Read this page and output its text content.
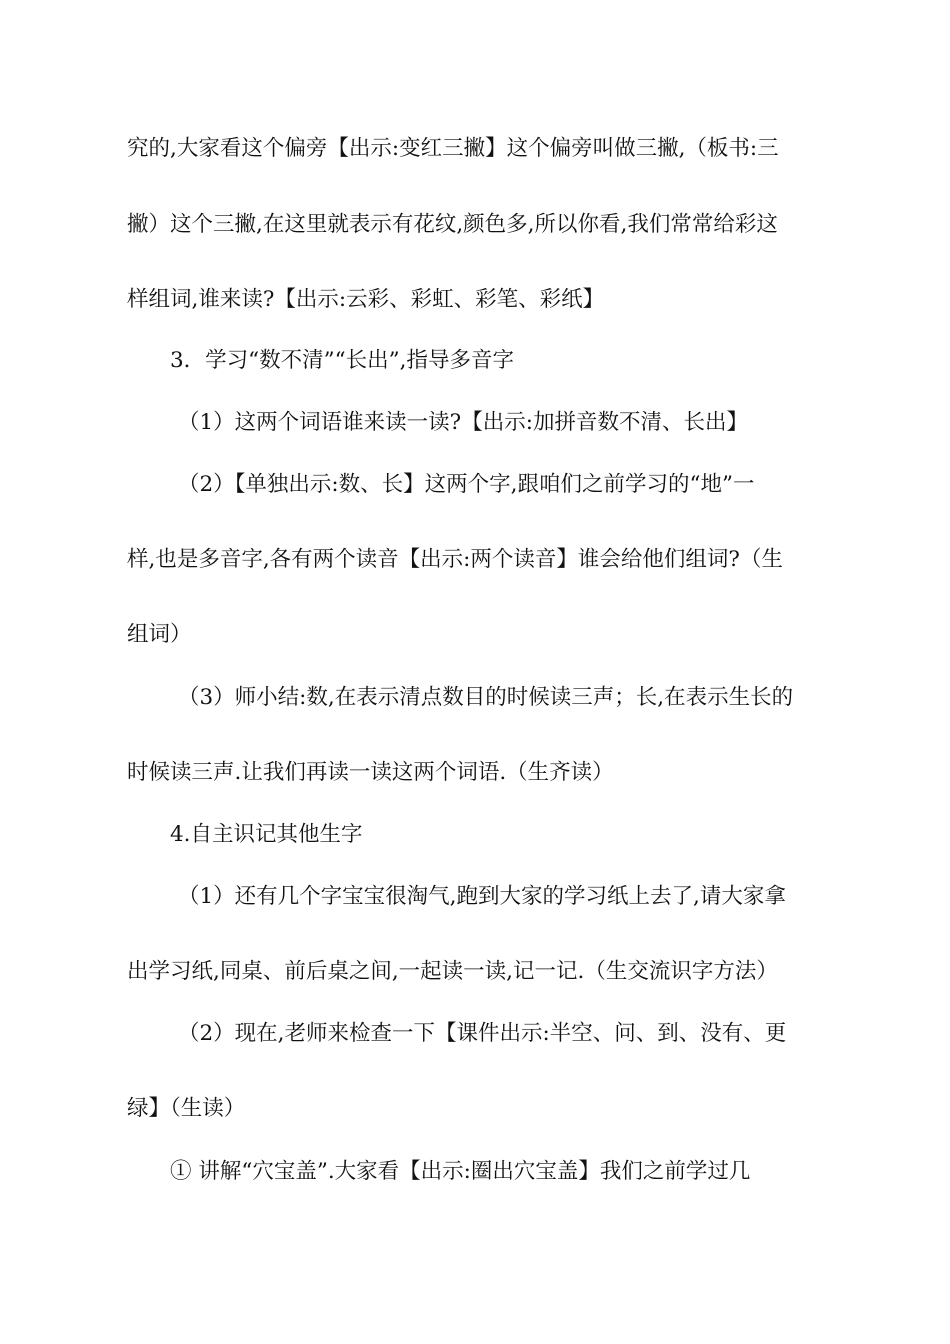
究的,大家看这个偏旁【出示:变红三撇】这个偏旁叫做三撇,（板书:三
撇）这个三撇,在这里就表示有花纹,颜色多,所以你看,我们常常给彩这
样组词,谁来读?【出示:云彩、彩虹、彩笔、彩纸】
3．学习“数不清”“长出”,指导多音字
（1）这两个词语谁来读一读?【出示:加拼音数不清、长出】
（2）【单独出示:数、长】这两个字,跟咱们之前学习的“地”一
样,也是多音字,各有两个读音【出示:两个读音】谁会给他们组词?（生
组词）
（3）师小结:数,在表示清点数目的时候读三声；长,在表示生长的
时候读三声.让我们再读一读这两个词语.（生齐读）
4.自主识记其他生字
（1）还有几个字宝宝很淘气,跑到大家的学习纸上去了,请大家拿
出学习纸,同桌、前后桌之间,一起读一读,记一记.（生交流识字方法）
（2）现在,老师来检查一下【课件出示:半空、问、到、没有、更
绿】（生读）
① 讲解“穴宝盖”.大家看【出示:圈出穴宝盖】我们之前学过几
